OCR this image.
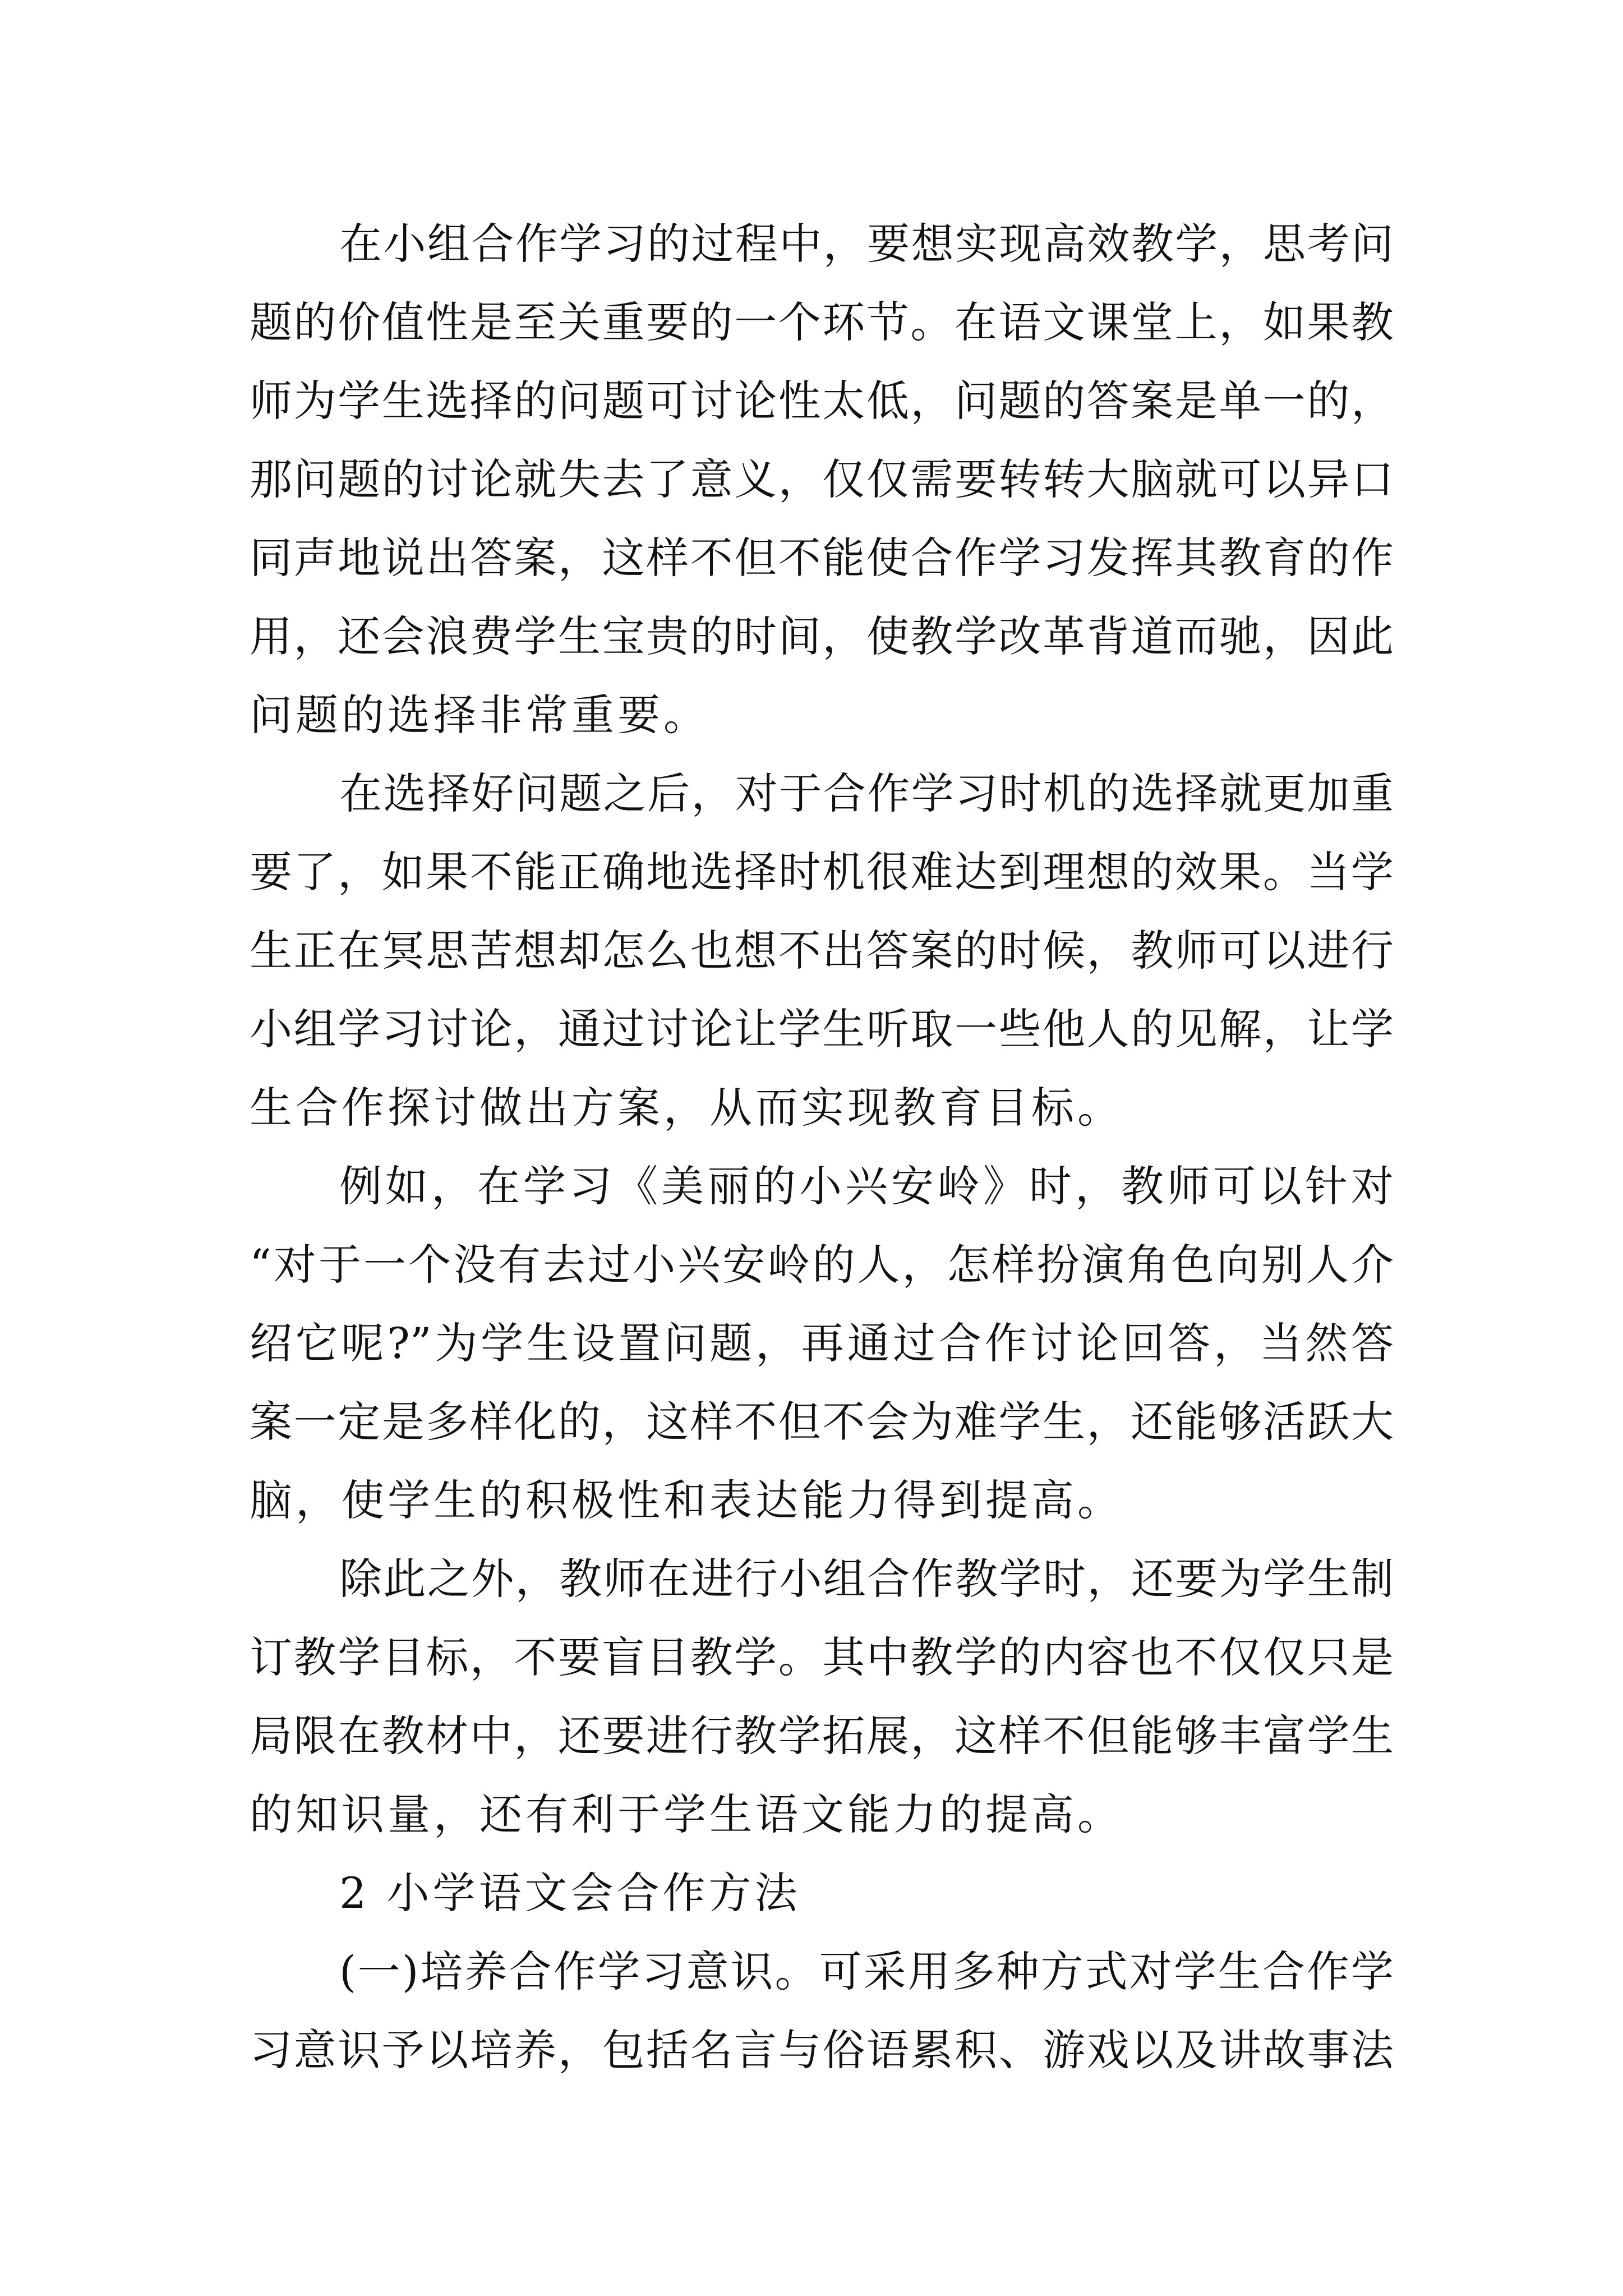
在小组合作学习的过程中，要想实现高效教学，思考问
题的价值性是至关重要的一个环节。在语文课堂上，如果教
师为学生选择的问题可讨论性太低，问题的答案是单一的，
那问题的讨论就失去了意义，仅仅需要转转大脑就可以异口
同声地说出答案，这样不但不能使合作学习发挥其教育的作
用，还会浪费学生宝贵的时间，使教学改革背道而驰，因此
问题的选择非常重要。
在选择好问题之后，对于合作学习时机的选择就更加重
要了，如果不能正确地选择时机很难达到理想的效果。当学
生正在冥思苦想却怎么也想不出答案的时候，教师可以进行
小组学习讨论，通过讨论让学生听取一些他人的见解，让学
生合作探讨做出方案，从而实现教育目标。
例如，在学习《美丽的小兴安岭》时，教师可以针对
“对于一个没有去过小兴安岭的人，怎样扮演角色向别人介
绍它呢?”为学生设置问题，再通过合作讨论回答，当然答
案一定是多样化的，这样不但不会为难学生，还能够活跃大
脑，使学生的积极性和表达能力得到提高。
除此之外，教师在进行小组合作教学时，还要为学生制
订教学目标，不要盲目教学。其中教学的内容也不仅仅只是
局限在教材中，还要进行教学拓展，这样不但能够丰富学生
的知识量，还有利于学生语文能力的提高。
2 小学语文会合作方法
(一)培养合作学习意识。可采用多种方式对学生合作学
习意识予以培养，包括名言与俗语累积、游戏以及讲故事法
